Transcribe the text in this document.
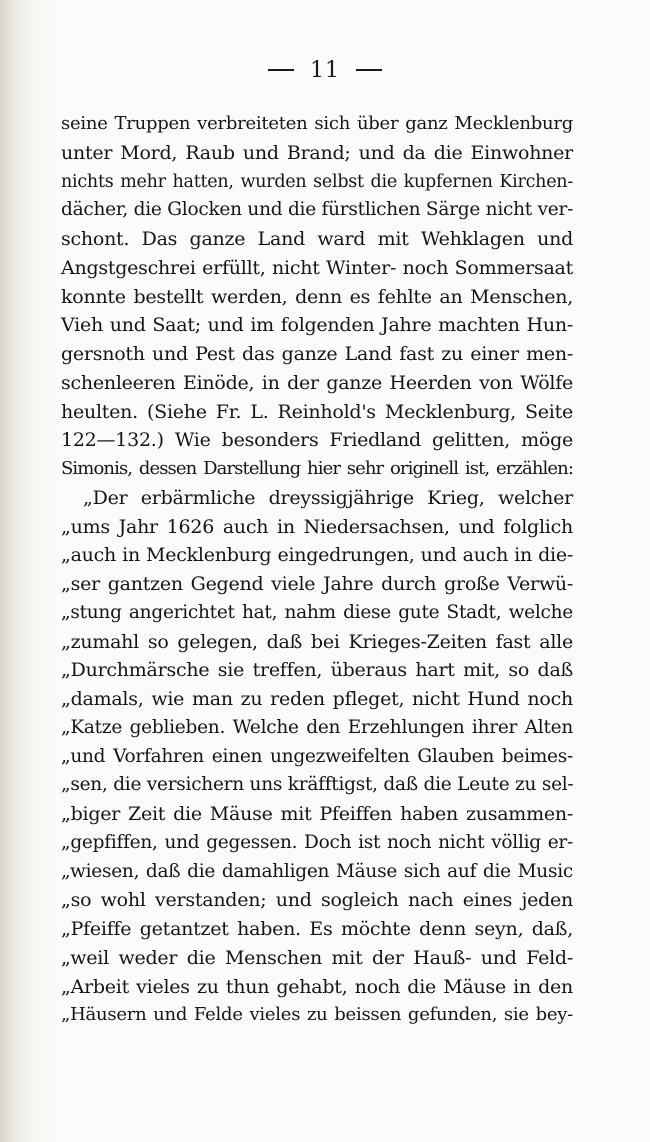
11
seine Truppen verbreiteten sich über ganz Mecklenburg
unter Mord, Raub und Brand; und da die Einwohner
nichts mehr hatten, wurden selbst die kupfernen Kirchen-
dächer, die Glocken und die fürstlichen Särge nicht ver-
schont. Das ganze Land ward mit Wehklagen und
Angstgeschrei erfüllt, nicht Winter- noch Sommersaat
konnte bestellt werden, denn es fehlte an Menschen,
Vieh und Saat; und im folgenden Jahre machten Hun-
gersnoth und Pest das ganze Land fast zu einer men-
schenleeren Einöde, in der ganze Heerden von Wölfe
heulten. (Siehe Fr. L. Reinhold's Mecklenburg, Seite
122—132.) Wie besonders Friedland gelitten, möge
Simonis, dessen Darstellung hier sehr originell ist, erzählen:
„Der erbärmliche dreyssigjährige Krieg, welcher
„ums Jahr 1626 auch in Niedersachsen, und folglich
„auch in Mecklenburg eingedrungen, und auch in die-
„ser gantzen Gegend viele Jahre durch große Verwü-
„stung angerichtet hat, nahm diese gute Stadt, welche
„zumahl so gelegen, daß bei Krieges-Zeiten fast alle
„Durchmärsche sie treffen, überaus hart mit, so daß
„damals, wie man zu reden pfleget, nicht Hund noch
„Katze geblieben. Welche den Erzehlungen ihrer Alten
„und Vorfahren einen ungezweifelten Glauben beimes-
„sen, die versichern uns kräfftigst, daß die Leute zu sel-
„biger Zeit die Mäuse mit Pfeiffen haben zusammen-
„gepfiffen, und gegessen. Doch ist noch nicht völlig er-
„wiesen, daß die damahligen Mäuse sich auf die Music
„so wohl verstanden; und sogleich nach eines jeden
„Pfeiffe getantzet haben. Es möchte denn seyn, daß,
„weil weder die Menschen mit der Hauß- und Feld-
„Arbeit vieles zu thun gehabt, noch die Mäuse in den
„Häusern und Felde vieles zu beissen gefunden, sie bey-
